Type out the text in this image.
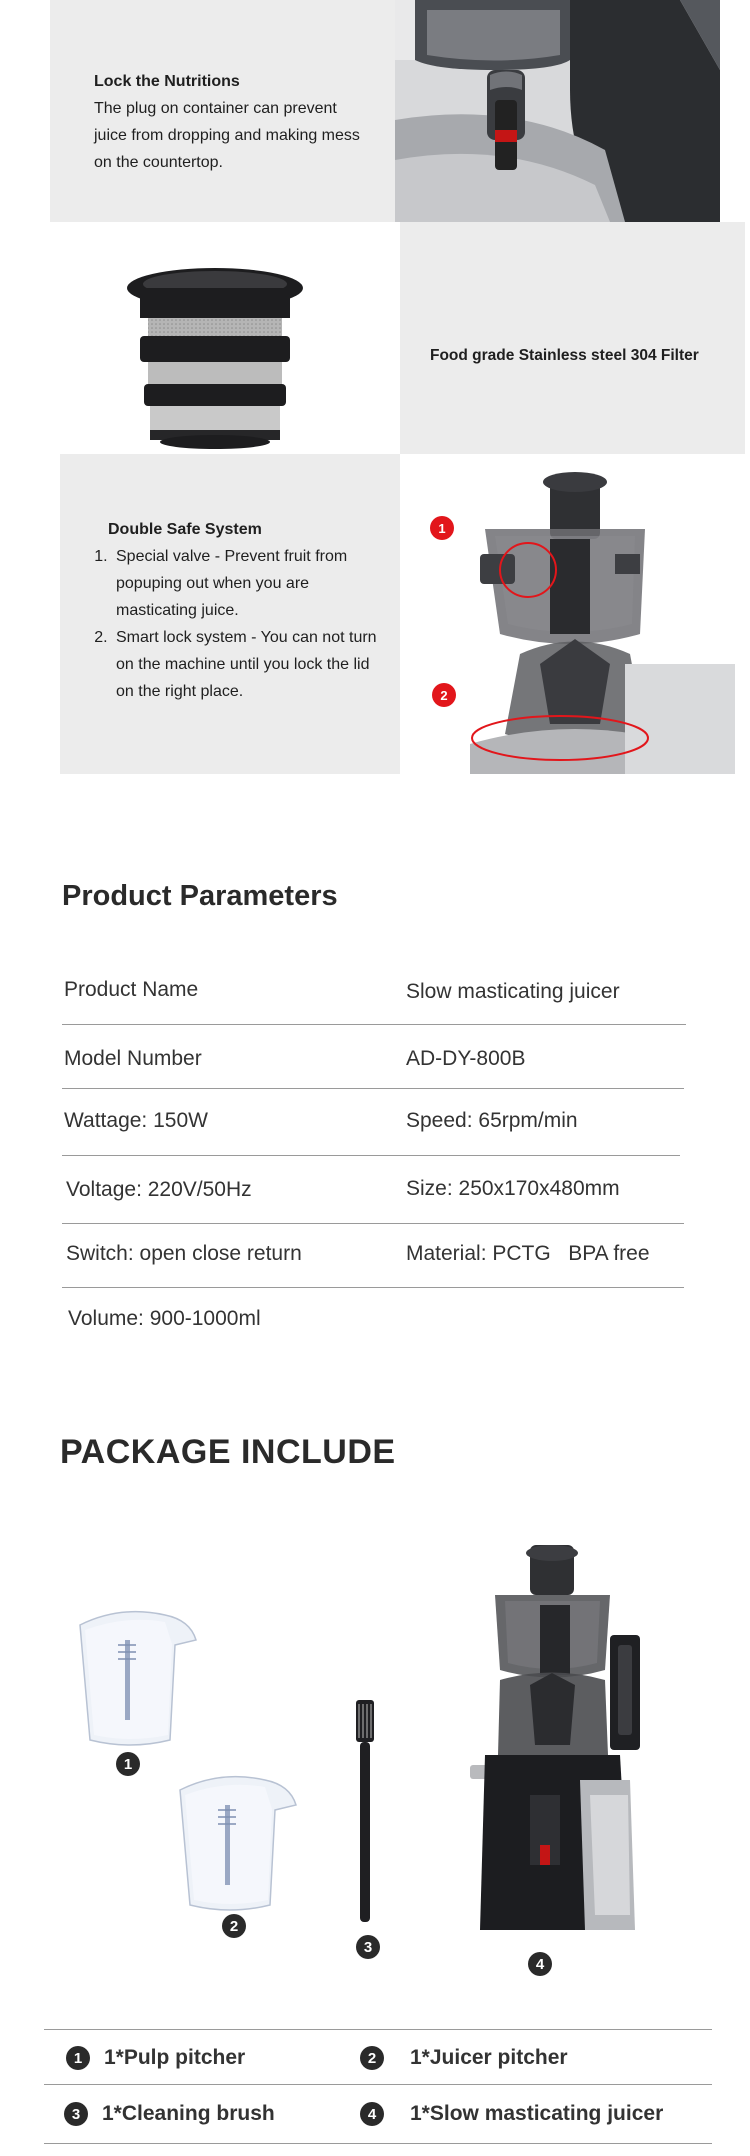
Lock the Nutritions
The plug on container can prevent juice from dropping and making mess on the countertop.
Food grade Stainless steel 304 Filter
Double Safe System
1. Special valve - Prevent fruit from popuping out when you are masticating juice.
2. Smart lock system - You can not turn on the machine until you lock the lid on the right place.
1
2
Product Parameters
Product Name	Slow masticating juicer
Model Number	AD-DY-800B
Wattage: 150W	Speed: 65rpm/min
Voltage: 220V/50Hz	Size: 250x170x480mm
Switch: open close return	Material: PCTG   BPA free
Volume: 900-1000ml
PACKAGE INCLUDE
1
2
3
4
1	1*Pulp pitcher	2	1*Juicer pitcher
3	1*Cleaning brush	4	1*Slow masticating juicer
